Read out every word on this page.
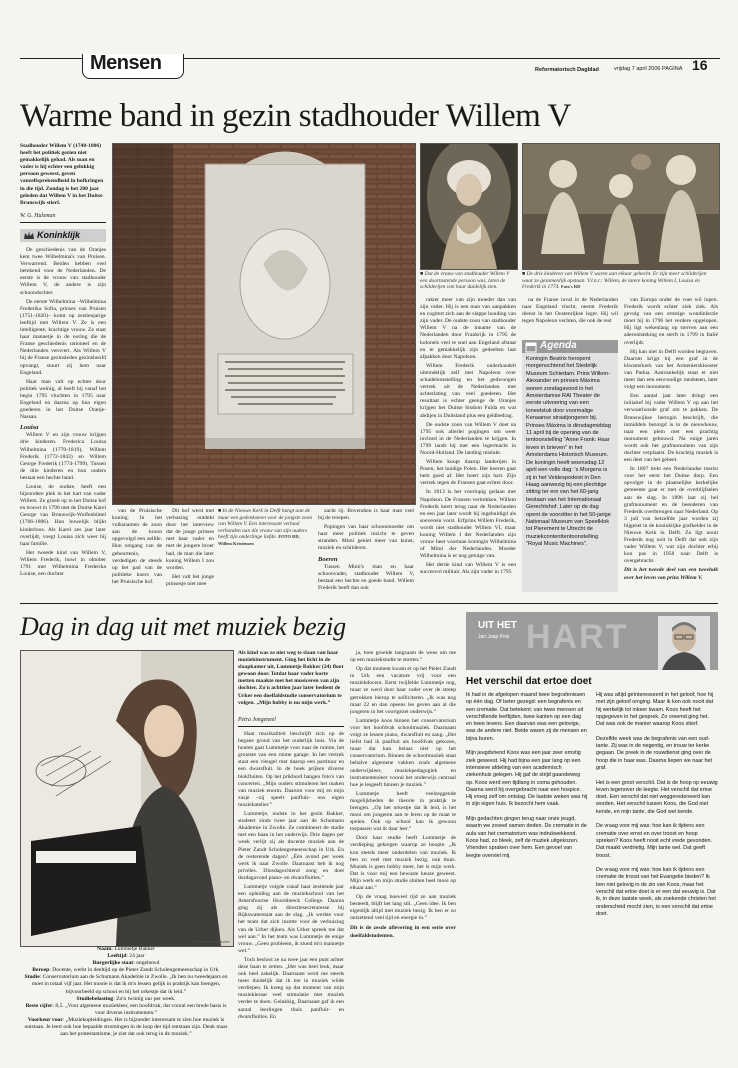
Mensen	Reformatorisch Dagblad	vrijdag 7 april 2006 PAGINA 16
Warme band in gezin stadhouder Willem V
Stadhouder Willem V (1748-1806) heeft het politiek gezien niet gemakkelijk gehad. Als man en vader is hij echter een gelukkig persoon geweest, geven vanzelfsprekendheid in hofkringen in die tijd. Zondag is het 200 jaar geleden dat Willem V in het Duitse Brunswijk stierf.
W. G. Hulsman
Koninklijk

De geschiedenis van de Oranjes kent twee Wilhelmina's van Pruisen. Verwarrend. Beiden hebben veel betekend voor de Nederlanden. De eerste is de vrouw van stadhouder Willem V, de andere is zijn schoondochter.

De eerste Wilhelmina –Wilhelmina Frederika Sofia, prinses van Pruisen (1751-1820)– komt op zestienjarige leeftijd met Willem V. Ze is een intelligente, krachtige vrouw. Ze staat haar mannetje in de oorlog die de Franse geschiedenis rationeel en de Nederlanden verovert. Als Willem V bij de Franse gezinsleden gezinshoofd opvangt, stuurt zij hem naar Engeland.

Haar man valt op echter door politiek weinig, al heeft hij vanaf het begin 1795 vluchten in 1795 naar Engeland en daarna op hun eigen goederen in het Duitse Oranje-Nassau.

Louisa

Willem V en zijn vrouw krijgen drie kinderen. Frederica Louisa Wilhelmina (1770-1819), Willem Frederik (1772-1843) en Willem George Frederik (1774-1799). Tussen de drie kinderen en hun ouders bestaat een hechte band.

Louise, de oudste, heeft een bijzondere plek in het hart van vader Willem. Ze groeit op in het Duitse hof en trouwt in 1790 met de Duitse Karel George van Brunswijk-Wolfenbüttel (1766-1806). Hun huwelijk blijkt kinderloos. Als Karel zes jaar later overlijdt, voegt Louisa zich weer bij haar familie.

Het tweede kind van Willem V, Willem Frederik, huwt in oktober 1791 met Wilhelmina Frederika Louise, een dochter

■ In de Nieuwe Kerk in Delft hangt aan de muur een gedenksteen voor de jongste zoon van Willem V. Een interessant verhaal verbonden aan die vrouw van zijn ouders heeft zijn onderlinge liefde. FOTO RD, Willem Kristensen

van de Pruisische koning. In het volksnamen de zoon aan de kroon opgevolgd een zelfde. Hun omgang van de gebeurtenis, verdedigen de steeds op het pad van de politieke koers van het Pruisische hof.

Dit hof werd met verbazing ontdekt door het interview dat de jonge prinses met haar vader en met de jongere broer had, de man die later koning Willem I zou worden.

Het valt het jonge prinsesje niet mee

zacht rij. Bovendien is haar man veel bij de troepen.

Popingen van haar schoonmoeder om haar meer politiek inzicht te geven stranden. Mimi geniet meer van kunst, muziek en schilderen.

Boeren

Tussen Mimi's man en haar schoonvader, stadhouder Willem V, bestaat een hechte en goede band. Willem Frederik heeft dan ook

■ Dat de vrouw van stadhouder Willem V een doortastende persoon was, laten de schilderijen van haar duidelijk zien.
■ De drie kinderen van Willem V waren aan elkaar gehecht. Er zijn meer schilderijen waar ze gezamenlijk opstaan. V.l.n.r.: Willem, de latere koning Willem I, Louisa en Frederik in 1774. Foto's RD

rakter meer van zijn moeder dan van zijn vader. Hij is een man van aanpakken en cogitert zich aan de slappe houding van zijn vader. De oudste zoon van stadhouder Willem V na de inname van de Nederlanden door Frankrijk in 1795 de kolonels veel te snel aan Engeland afstaat en te gemakkelijk zijn gedeelten laat afpakken door Napoleon.

Willem Frederik onderhandelt uiteindelijk zelf met Napoleon over schadeloosstelling en het gedwongen vertrek uit de Nederlanden met achterlating van veel goederen. Het resultaat is echter geenge de Oranjes krijgen het Duitse bisdom Fulda en wat abdijen in Duitsland plus een geldbedrag.

De oudste zoon van Willem V doet na 1795 ook allerlei pogingen om weer invloed in de Nederlanden te krijgen. In 1799 landt hij met een legermacht in Noord-Holland. De landing mislukt.

Willem koopt daarop landerijen in Posen, het huidige Polen. Het boeren gaat hem goed af. Het boert zijn hart. Zijn vertrek tegen de Fransen gaat echter door.

In 1813 is het voorlopig gedaan met Napoleon. De Fransen vertrekken. Willem Frederik keert terug naar de Nederlanden en een jaar later wordt hij ingehuldigd als soeverein vorst. Erfprins Willem Frederik, wordt niet stadhouder Willem VI, maar koning Willem I der Nederlanden zijn vrouw heet voortaan koningin Wilhelmina of Mimi der Nederlanden. Moeder Wilhelmina is er nog getuige van.

Het derde kind van Willem V is een succesvol militair. Als zijn vader in 1795

na de Franse inval in de Nederlanden naar Engeland vlucht, neemt Frederik dienst in het Oostenrijkse leger. Hij wil tegen Napoleon vechten, die ook de rest

Agenda
Koningin Beatrix heropent morgenochtend het Stedelijk Museum Schiedam. Prins Willem-Alexander en prinses Máxima wonen zondagavond in het Amsterdamse RAI Theater de eerste uitvoering van een toneelstuk door voormalige Kenaanse straatjongeren bij. Prinses Máxima is dinsdagmiddag 11 april bij de opening van de tentoonstelling "Anne Frank: Haar leven in brieven" in het Amsterdams Historisch Museum. De koningin heeft woensdag 12 april een volle dag: 's Morgens is zij in het Veldespodeist in Den Haag aanwezig bij een plechtige zitting ter ere van het 60-jarig bestaan van het Internationaal Gerechtshof. Later op de dag opent de voorzitter in het 50-jarige Nationaal Museum van Speelklok tot Pierement te Utrecht de muziekcontenttentoonstelling "Royal Music Machines".

van Europa onder de voet wil lopen. Frederik wordt echter ziek ziek. Als gevolg van een ernstige wondinfectie moet hij in 1796 het verdere opgelopen. Hij ligt wekenlang op sterven aan een aderontsteking en sterft in 1799 in Italië overlijdt.

Hij kan niet in Delft worden begraven. Daarom krijgt hij een graf in de kloosterkerk van het Armeniersklooster van Padua. Aanvankelijk staat er niet meer dan een eenvoudige randsteen, later volgt een monument.

Een aantal jaar later dringt een initiatief bij vader Willem V op aan het verwaarloosde graf om te pakken. De Brunswijkse hertogin beschrijft, die inmiddels bezorgd is in de nieuwbouw, naar een plein met een prachtig monument gebouwd. Na enige jaren wordt ook het grafmonument van zijn dochter verplaatst. De krachtig muziek is een deel van het geheel.

In 1807 trekt een Nederlandse toerist voor het eerst het Duitse dorp. Een opvolger in de plaatselijke kerkelijke gemeente gaat er met de overblijfselen aan de slag. In 1896 laat zij hel grafmonument en de beenderen van Frederik overbrengen naar Nederland. Op 3 juli van hetzelfde jaar worden zij bijgezet in de koninklijke grafkelder in de Nieuwe Kerk in Delft. Zo ligt nooit Frederik nog ooit in Delft dat ook zijn vader Willem V, wat zijn dochter erbij kon pas in 1958 naar Delft is overgebracht.

Dit is het tweede deel van een tweeluik over het leven van prins Willem V.

Dag in dag uit met muziek bezig
Foto Henk Visscher
Naam: Lummetje Bakker
Leeftijd: 24 jaar
Burgerlijke staat: ongehuwd
Beroep: Docente, werkt in deeltijd op de Pieter Zandt Scholengemeenschap in Urk.
Studie: Conservatorium aan de Schumann Akademie in Zwolle. „Ik ben nu tweedejaars en moet in totaal vijf jaar. Het mooie is dat ik m'n lessen gelijk in praktijk kan brengen, bijvoorbeeld op school en bij het orkestje dat ik leid.”
Studiebelasting: Zo'n twintig uur per week.
Beste cijfer: 8,5. „Voor algemene muziekleer, een hoofdvak, dat vooral een brede basis is voor diverse instrumenten.”
Voorkeur voor: „Muziekopleidingen. Het is bijzonder interessant te zien hoe muziek is ontstaan. Je leert ook hoe bepaalde stromingen in de loop der tijd ontstaan zijn. Denk maar aan het protestantisme, je ziet dat ook terug in de muziek.”
Als kind was ze niet weg te slaan van haar muziekinstrument. Ging het licht in de slaapkamer uit, Lummetje Bakker (24) floot gewoon door. Totdat haar vader korte metten maakte met het musiceren van zijn dochter. Zo'n achttien jaar later bedient de Urker een doelfaldstudie conservatorium te volgen. „Mijn hobby is nu mijn werk.”
Petra Jongeneel

Haar muzikaliteit beschrijft zich op de begane grond van het ouderlijk huis. Via de houten gaat Lummetje voor naar de ruimte, het grootste van een ruime garage. In het vertrek staat een vleugel met daarop een partituur en een dwarsfluit. In de hoek prijken diverse blokfluiten. Op het prikbord hangen foto's van concerten. „Mijn ouders stimuleren het maken van muziek enorm. Daarom voor mij en mijn zusje –zij speelt panfluit– ons eigen muziekatelier.”

Lummetje, oudste in het gezin Bakker, studeert sinds twee jaar aan de Schumann Akademie in Zwolle. Ze combineert de studie met een baan in het onderwijs. Drie dagen per week verlijt zij als docente muziek aan de Pieter Zandt Scholengemeenschap in Urk. En de resterende dagen? „Één avond per week werk ik naar Zwolle. Daarnaast heb ik nog privéles. Dinsdagochtend zong en doet dordagavond piano- en dwarsfluitles.”

Lummetje volgde vanaf haar zestiende jaar een opleiding aan de muziekschool van het Amersfoortse Hoornbeeck College. Daarna ging zij als directiesecretaresse bij Rijkswaterstaat aan de slag. „Ik werkte voor het team dat zich inzette voor de verhuizing van de Urker dijken. Als Urker spreek me dat wel aan.” In het team was Lummetje de enige vrouw. „Geen probleem, ik stond m'n mannetje wel.”

Toch besloot ze na twee jaar een punt achter deze baan te zetten. „Het was heel leuk, maar ook heel zakelijk. Daarnaast werd me steeds meer duidelijk dat ik me in muziek wilde verdiepen. Ik kreeg op dat moment van mijn muziekleraar veel stimulatie met muziek verder te doen. Gelukkig, Daarnaast gaf ik een aantal leerlingen thuis panfluit- en dwarsfluitles. En

ja, toen groeide langzaam de wens om me op een muziekstudie te storten.”

Op dat moment kwam er op het Pieter Zandt in Urk een vacature vrij voor een muziekdocent. Eerst twijfelde Lummetje nog, maar ze werd door haar vader over de streep getrokken hierop te solliciteren. „Ik was nog maar 22 en dan opeens les geven aan al die jongeren in het voortgezet onderwijs.”

Lummetje koos binnen het conservatorium voor het hoofdvak schoolmuziek. Daarnaast volgt ze lessen piano, dwarsfluit en zang. „Het liefst had ik panfluit als hoofdvak gekozen, maar dat kan helaas niet op het conservatorium. Binnen de schoolmuziek staat behalve algemene vakken zoals algemene onderwijsleer, muziekpedagogiek en instrumentenleer vooral het onderwijs centraal hoe je lesgeeft binnen je muziek.”

Lummetje heeft veelzeggende mogelijkheden de theorie in praktijk te brengen. „Op het orkestje dat ik leid, is het mooi om jongeren aan te leren op de maat te spelen. Ook op school kan ik gewoon toepassen wat ik daar leer.”

Door haar studie heeft Lummetje de verdieping gekregen waarop ze hoopte. „Ik kon steeds meer onderdelen van muziek. Ik ben zo veel met muziek bezig, ook thuis. Muziek is geen hobby meer, het is mijn werk. Dat is voor mij een bewuste keuze geweest. Mijn werk en mijn studie sluiten heel mooi op elkaar aan.”

Op de vraag hoeveel tijd ze aan muziek besteedt, blijft het lang stil. „Geen idee. Ik ben eigenlijk altijd met muziek bezig. Ik ben er zo ontzettend veel tijd en energie in.”

Dit is de zesde aflevering in een serie over doelfaldstudenten.

UIT HET HART
Jan Jaap Pels
Het verschil dat ertoe doet
Ik had in de afgelopen maand twee begrafenissen op één dag. Of beter gezegd: een begrafenis en een crematie. Dat betekent: van twee mensen uit verschillende leeftijden, twee kanten op een dag en twee levens. Een daarvan was een gelovige, was de andere niet. Beide waren zij de mensen en bijna buren.

Mijn jeugdvriend Koos was een jaar zeer ernstig ziek geweest. Hij had bijna een jaar lang op een intensieve afdeling van een academisch ziekenhuis gelegen. Hij gaf de strijd gaandeweg op. Koos werd een tijdlang in coma gehouden. Daarna werd hij overgebracht naar een hospice. Hij vroeg zelf om ontslag. De laatste weken was hij in zijn eigen huis. Ik bezocht hem vaak.

Mijn gedachten gingen terug naar onze jeugd, waarin we zoveel samen deden. De crematie in de aula van het crematorium was indrukwekkend. Koos had, zo bleek, zelf de muziek uitgekozen. Vrienden spraken over hem. Een gevoel van leegte overviel mij.
Hij was altijd geïnteresseerd in het geloof, hoe hij met zijn geloof omging. Maar ik kon ook nooit dat hij werkelijk tot inkeer kwam. Koos heeft het opgegeven in het gesprek. Zo vreemd ging het. Dat was ook de manier waarop Koos stierf.

Dezelfde week was de begrafenis van een oud-tante. Zij was in de negentig, en trouw ter kerke gegaan. De preek in de rouwdienst ging over de hoop die in haar was. Daarna liepen we naar het graf.

Het is een groot verschil. Dat is de hoop op eeuwig leven tegenover de leegte. Het verschil dat ertoe doet. Een verschil dat niet weggeredeneerd kan worden. Het verschil tussen Koos, die God niet kende, en mijn tante, die God wel kende.

De vraag voor mij was: hoe kan ik tijdens een crematie over ernst en over troost en hoop spreken? Koos heeft nooit echt vrede gevonden. Dat maakt verdrietig. Mijn tante wel. Dat geeft troost.

De vraag voor mij was: hoe kan ik tijdens een crematie de troost van het Evangelie bieden? Ik ben niet gelovig in de zin van Koos, maar het verschil dat ertoe doet is er een dat eeuwig is. Dat ik, in deze laatste week, als zoekende christen het onderscheid mocht zien, is een verschil dat ertoe doet.
